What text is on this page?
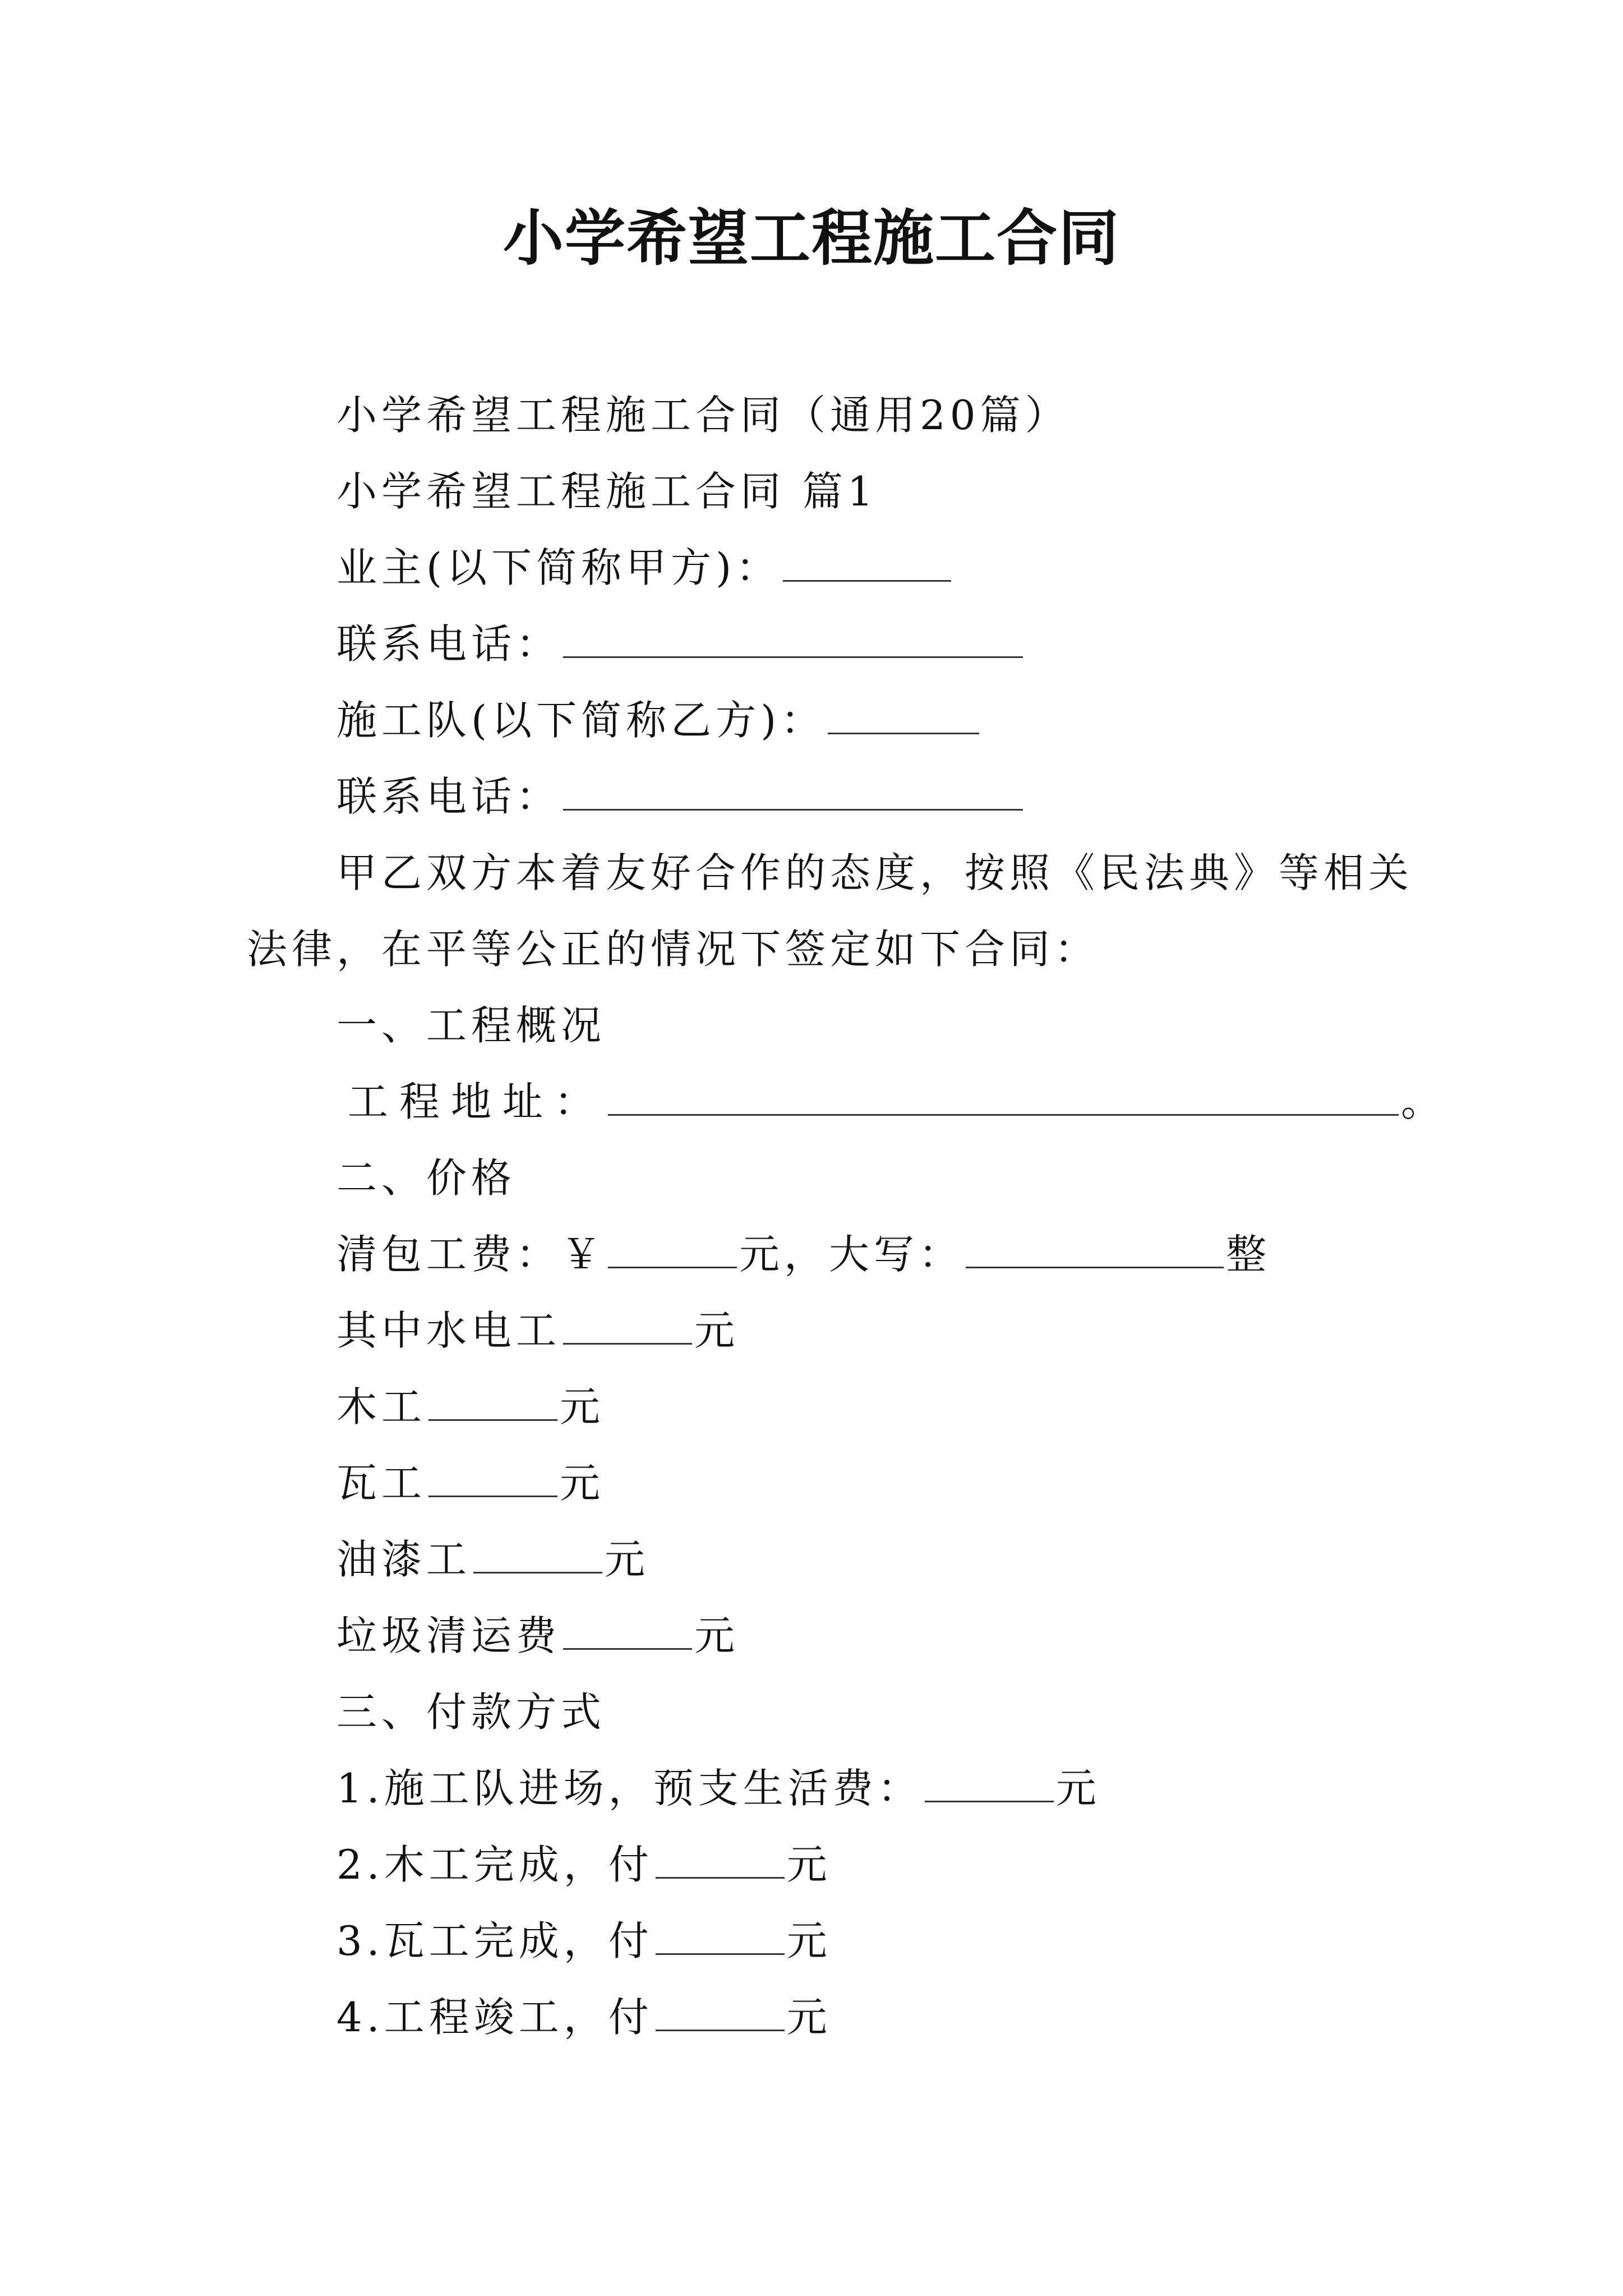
小学希望工程施工合同
小学希望工程施工合同（通用20篇）
小学希望工程施工合同 篇1
业主(以下简称甲方)：
联系电话：
施工队(以下简称乙方)：
联系电话：
甲乙双方本着友好合作的态度，按照《民法典》等相关
法律，在平等公正的情况下签定如下合同：
一、工程概况
工程地址：	。
二、价格
清包工费：￥	元，大写：	整
其中水电工	元
木工	元
瓦工	元
油漆工	元
垃圾清运费	元
三、付款方式
1.施工队进场，预支生活费：	元
2.木工完成，付	元
3.瓦工完成，付	元
4.工程竣工，付	元
